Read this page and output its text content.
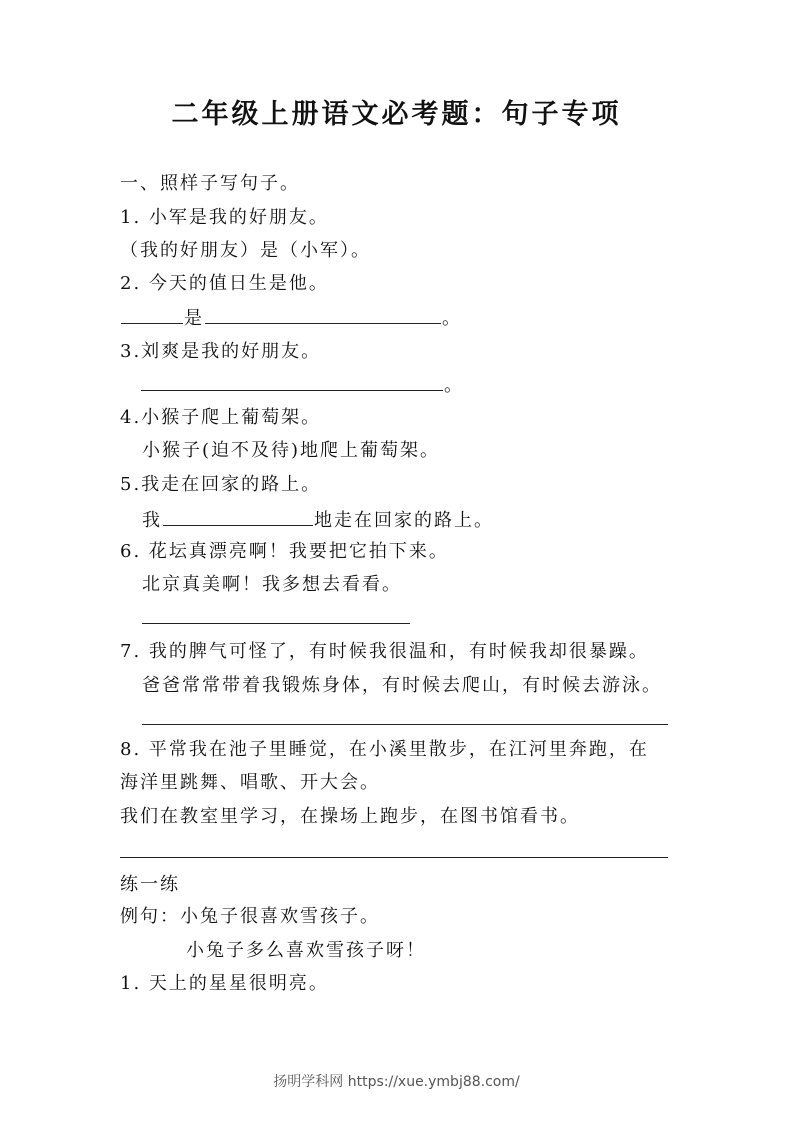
二年级上册语文必考题：句子专项
一、照样子写句子。
1. 小军是我的好朋友。
（我的好朋友）是（小军）。
2. 今天的值日生是他。
是	。
3.刘爽是我的好朋友。
。
4.小猴子爬上葡萄架。
小猴子(迫不及待)地爬上葡萄架。
5.我走在回家的路上。
我	地走在回家的路上。
6. 花坛真漂亮啊！我要把它拍下来。
北京真美啊！我多想去看看。
7. 我的脾气可怪了，有时候我很温和，有时候我却很暴躁。
爸爸常常带着我锻炼身体，有时候去爬山，有时候去游泳。
8. 平常我在池子里睡觉，在小溪里散步，在江河里奔跑，在
海洋里跳舞、唱歌、开大会。
我们在教室里学习，在操场上跑步，在图书馆看书。
练一练
例句：小兔子很喜欢雪孩子。
小兔子多么喜欢雪孩子呀！
1. 天上的星星很明亮。
扬明学科网 https://xue.ymbj88.com/
